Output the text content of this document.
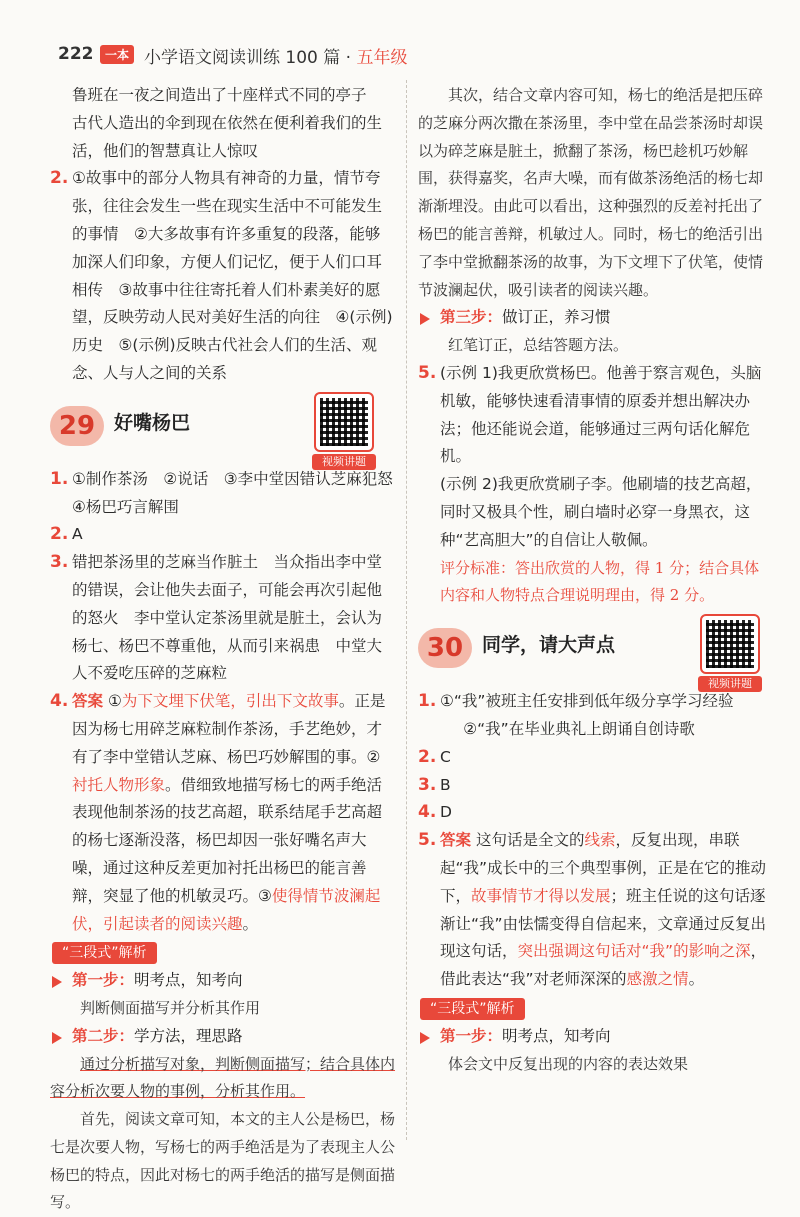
222 一本 小学语文阅读训练 100 篇 · 五年级

鲁班在一夜之间造出了十座样式不同的亭子　古代人造出的伞到现在依然在便利着我们的生活，他们的智慧真让人惊叹

2. ①故事中的部分人物具有神奇的力量，情节夸张，往往会发生一些在现实生活中不可能发生的事情　②大多故事有许多重复的段落，能够加深人们印象，方便人们记忆，便于人们口耳相传　③故事中往往寄托着人们朴素美好的愿望，反映劳动人民对美好生活的向往　④(示例)历史　⑤(示例)反映古代社会人们的生活、观念、人与人之间的关系

29 好嘴杨巴
视频讲题
1. ①制作茶汤　②说话　③李中堂因错认芝麻犯怒　④杨巴巧言解围

2. A

3. 错把茶汤里的芝麻当作脏土　当众指出李中堂的错误，会让他失去面子，可能会再次引起他的怒火　李中堂认定茶汤里就是脏土，会认为杨七、杨巴不尊重他，从而引来祸患　中堂大人不爱吃压碎的芝麻粒

4. 答案 ①为下文埋下伏笔，引出下文故事。正是因为杨七用碎芝麻粒制作茶汤，手艺绝妙，才有了李中堂错认芝麻、杨巴巧妙解围的事。②衬托人物形象。借细致地描写杨七的两手绝活表现他制茶汤的技艺高超，联系结尾手艺高超的杨七逐渐没落，杨巴却因一张好嘴名声大噪，通过这种反差更加衬托出杨巴的能言善辩，突显了他的机敏灵巧。③使得情节波澜起伏，引起读者的阅读兴趣。

“三段式”解析
第一步：明考点，知考向

判断侧面描写并分析其作用

第二步：学方法，理思路

通过分析描写对象，判断侧面描写；结合具体内容分析次要人物的事例，分析其作用。

首先，阅读文章可知，本文的主人公是杨巴，杨七是次要人物，写杨七的两手绝活是为了表现主人公杨巴的特点，因此对杨七的两手绝活的描写是侧面描写。

其次，结合文章内容可知，杨七的绝活是把压碎的芝麻分两次撒在茶汤里，李中堂在品尝茶汤时却误以为碎芝麻是脏土，掀翻了茶汤，杨巴趁机巧妙解围，获得嘉奖，名声大噪，而有做茶汤绝活的杨七却渐渐埋没。由此可以看出，这种强烈的反差衬托出了杨巴的能言善辩，机敏过人。同时，杨七的绝活引出了李中堂掀翻茶汤的故事，为下文埋下了伏笔，使情节波澜起伏，吸引读者的阅读兴趣。

第三步：做订正，养习惯

红笔订正，总结答题方法。

5. (示例 1)我更欣赏杨巴。他善于察言观色，头脑机敏，能够快速看清事情的原委并想出解决办法；他还能说会道，能够通过三两句话化解危机。

(示例 2)我更欣赏刷子李。他刷墙的技艺高超，同时又极具个性，刷白墙时必穿一身黑衣，这种“艺高胆大”的自信让人敬佩。

评分标准：答出欣赏的人物，得 1 分；结合具体内容和人物特点合理说明理由，得 2 分。

30 同学，请大声点
视频讲题
1. ①“我”被班主任安排到低年级分享学习经验

②“我”在毕业典礼上朗诵自创诗歌

2. C

3. B

4. D

5. 答案 这句话是全文的线索，反复出现，串联起“我”成长中的三个典型事例，正是在它的推动下，故事情节才得以发展；班主任说的这句话逐渐让“我”由怯懦变得自信起来，文章通过反复出现这句话，突出强调这句话对“我”的影响之深，借此表达“我”对老师深深的感激之情。

“三段式”解析
第一步：明考点，知考向

体会文中反复出现的内容的表达效果
